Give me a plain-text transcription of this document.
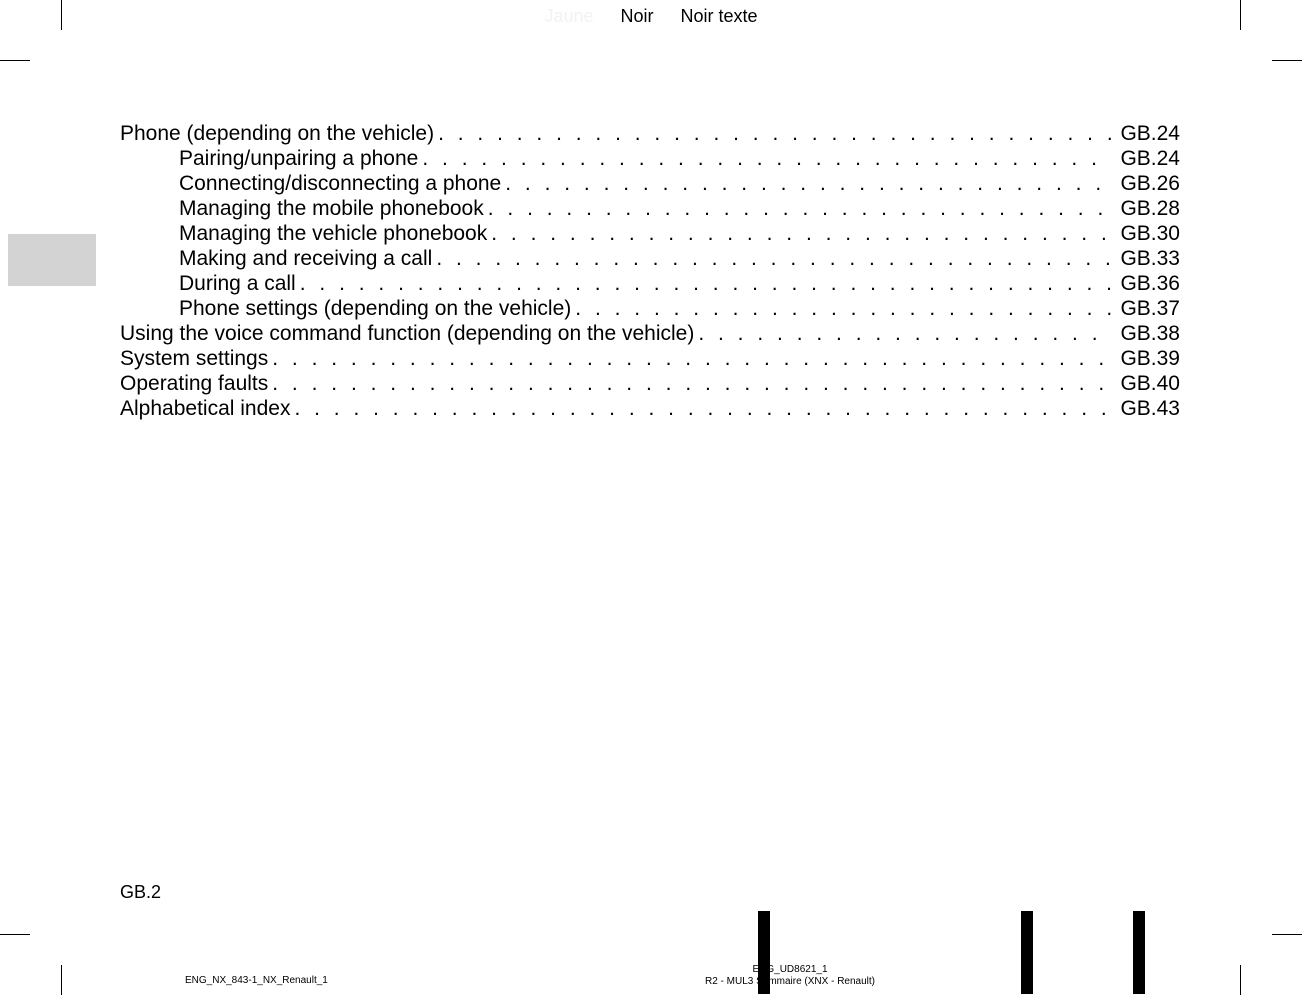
Jaune Noir Noir texte
Phone (depending on the vehicle) . . .	GB.24
Pairing/unpairing a phone . . .	GB.24
Connecting/disconnecting a phone . . .	GB.26
Managing the mobile phonebook . . .	GB.28
Managing the vehicle phonebook . . .	GB.30
Making and receiving a call . . .	GB.33
During a call . . .	GB.36
Phone settings (depending on the vehicle) . . .	GB.37
Using the voice command function (depending on the vehicle) . . .	GB.38
System settings . . .	GB.39
Operating faults . . .	GB.40
Alphabetical index . . .	GB.43
GB.2
ENG_NX_843-1_NX_Renault_1
ENG_UD8621_1
R2 - MUL3 Sommaire (XNX - Renault)
